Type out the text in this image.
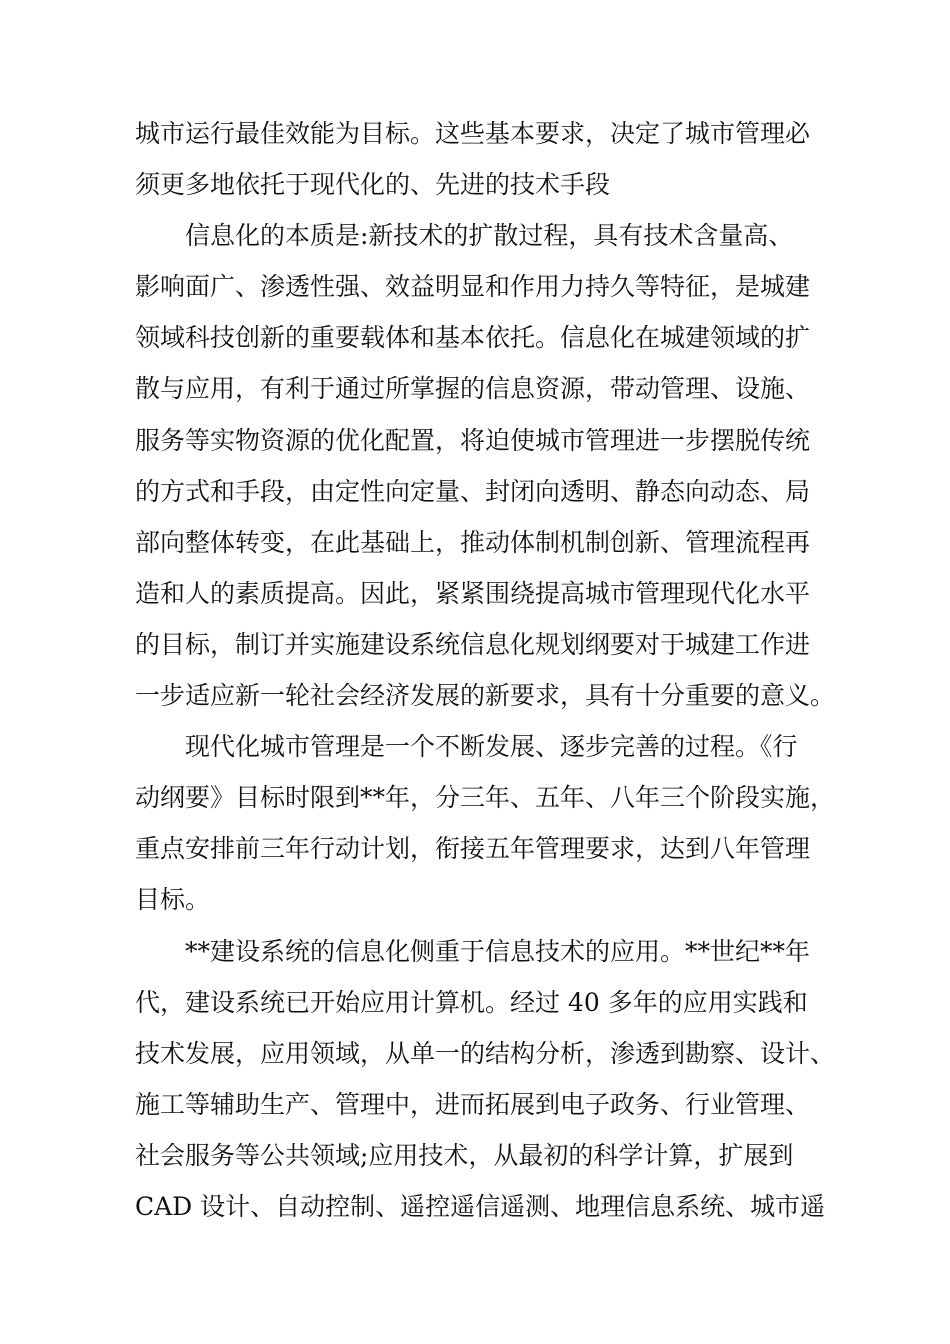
城市运行最佳效能为目标。这些基本要求，决定了城市管理必
须更多地依托于现代化的、先进的技术手段
信息化的本质是:新技术的扩散过程，具有技术含量高、
影响面广、渗透性强、效益明显和作用力持久等特征，是城建
领域科技创新的重要载体和基本依托。信息化在城建领域的扩
散与应用，有利于通过所掌握的信息资源，带动管理、设施、
服务等实物资源的优化配置，将迫使城市管理进一步摆脱传统
的方式和手段，由定性向定量、封闭向透明、静态向动态、局
部向整体转变，在此基础上，推动体制机制创新、管理流程再
造和人的素质提高。因此，紧紧围绕提高城市管理现代化水平
的目标，制订并实施建设系统信息化规划纲要对于城建工作进
一步适应新一轮社会经济发展的新要求，具有十分重要的意义。
现代化城市管理是一个不断发展、逐步完善的过程。《行
动纲要》目标时限到**年，分三年、五年、八年三个阶段实施，
重点安排前三年行动计划，衔接五年管理要求，达到八年管理
目标。
**建设系统的信息化侧重于信息技术的应用。**世纪**年
代，建设系统已开始应用计算机。经过 40 多年的应用实践和
技术发展，应用领域，从单一的结构分析，渗透到勘察、设计、
施工等辅助生产、管理中，进而拓展到电子政务、行业管理、
社会服务等公共领域;应用技术，从最初的科学计算，扩展到
CAD 设计、自动控制、遥控遥信遥测、地理信息系统、城市遥
